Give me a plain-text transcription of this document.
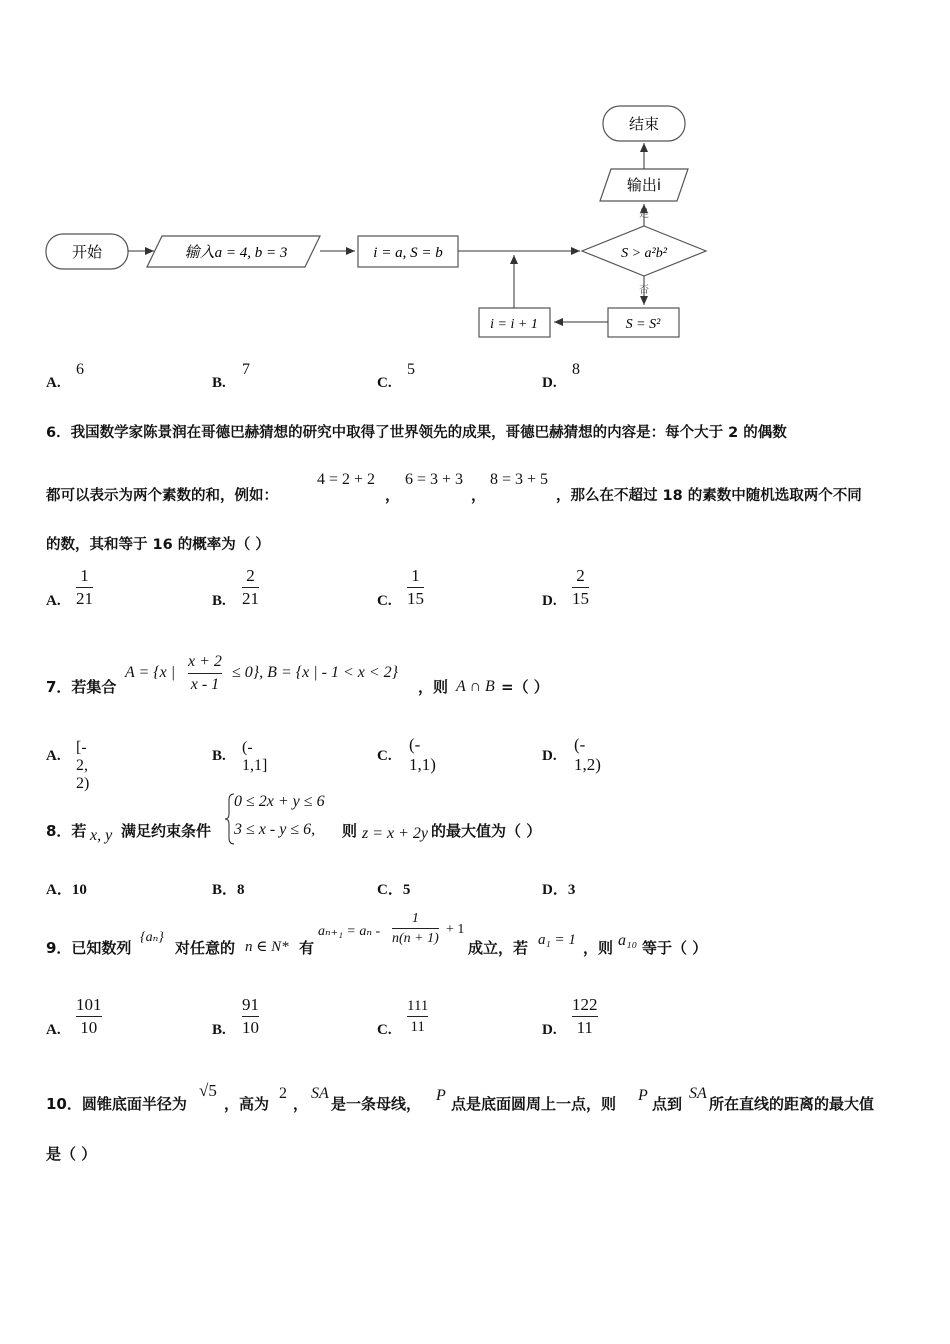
开始	输入a = 4, b = 3	i = a, S = b	S > a²b²
是
输出i
结束
否
S = S²
i = i + 1
A.
6
B.
7
C.
5
D.
8
6．我国数学家陈景润在哥德巴赫猜想的研究中取得了世界领先的成果，哥德巴赫猜想的内容是：每个大于 2 的偶数
都可以表示为两个素数的和，例如：
4 = 2 + 2
，
6 = 3 + 3
，
8 = 3 + 5
，那么在不超过 18 的素数中随机选取两个不同
的数，其和等于 16 的概率为（ ）
A.
1
21	B.
2
21	C.
1
15	D.
2
15
7．若集合
A = {x |
x + 2
x - 1
≤ 0}, B = {x | - 1 < x < 2}
，则 A ∩ B =（ ）
A. [- 2, 2)
B. (- 1,1]
C.
(- 1,1)	D.
(- 1,2)
8．若 x, y 满足约束条件
0 ≤ 2x + y ≤ 6
3 ≤ x - y ≤ 6, 则 z = x + 2y 的最大值为（ ）
A．10	B．8	C．5	D．3
9．已知数列
{aₙ}
对任意的 n ∈ N* 有
aₙ₊₁ = aₙ -
1
n(n + 1)
+ 1
成立，若 a₁ = 1 ，则 a₁₀ 等于（ ）
A.
101
10	B.
91
10	C.
111
11	D.
122
11
10．圆锥底面半径为
√5
，高为
2
，
SA
是一条母线， P 点是底面圆周上一点，则 P 点到
SA
所在直线的距离的最大值
是（ ）
